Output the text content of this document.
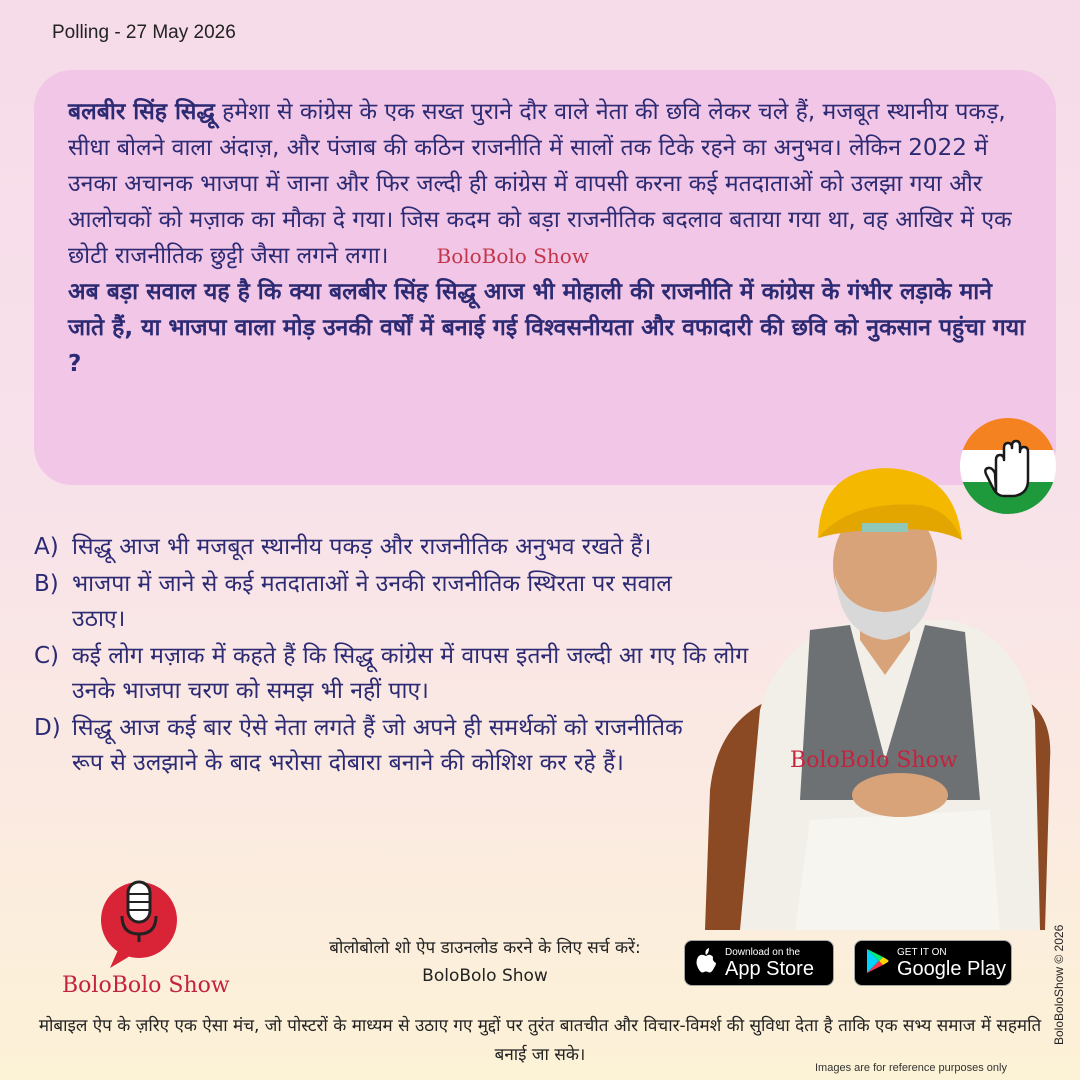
Polling - 27 May 2026
बलबीर सिंह सिद्धू हमेशा से कांग्रेस के एक सख्त पुराने दौर वाले नेता की छवि लेकर चले हैं, मजबूत स्थानीय पकड़, सीधा बोलने वाला अंदाज़, और पंजाब की कठिन राजनीति में सालों तक टिके रहने का अनुभव। लेकिन 2022 में उनका अचानक भाजपा में जाना और फिर जल्दी ही कांग्रेस में वापसी करना कई मतदाताओं को उलझा गया और आलोचकों को मज़ाक का मौका दे गया। जिस कदम को बड़ा राजनीतिक बदलाव बताया गया था, वह आखिर में एक छोटी राजनीतिक छुट्टी जैसा लगने लगा। BoloBolo Show
अब बड़ा सवाल यह है कि क्या बलबीर सिंह सिद्धू आज भी मोहाली की राजनीति में कांग्रेस के गंभीर लड़ाके माने जाते हैं, या भाजपा वाला मोड़ उनकी वर्षों में बनाई गई विश्वसनीयता और वफादारी की छवि को नुकसान पहुंचा गया ?
A) सिद्धू आज भी मजबूत स्थानीय पकड़ और राजनीतिक अनुभव रखते हैं।
B) भाजपा में जाने से कई मतदाताओं ने उनकी राजनीतिक स्थिरता पर सवाल उठाए।
C) कई लोग मज़ाक में कहते हैं कि सिद्धू कांग्रेस में वापस इतनी जल्दी आ गए कि लोग उनके भाजपा चरण को समझ भी नहीं पाए।
D) सिद्धू आज कई बार ऐसे नेता लगते हैं जो अपने ही समर्थकों को राजनीतिक रूप से उलझाने के बाद भरोसा दोबारा बनाने की कोशिश कर रहे हैं।	BoloBolo Show
BoloBolo Show
बोलोबोलो शो ऐप डाउनलोड करने के लिए सर्च करें:
BoloBolo Show
Download on the
App Store
GET IT ON
Google Play
मोबाइल ऐप के ज़रिए एक ऐसा मंच, जो पोस्टरों के माध्यम से उठाए गए मुद्दों पर तुरंत बातचीत और विचार-विमर्श की सुविधा देता है ताकि एक सभ्य समाज में सहमति बनाई जा सके।
Images are for reference purposes only
BoloBoloShow © 2026
